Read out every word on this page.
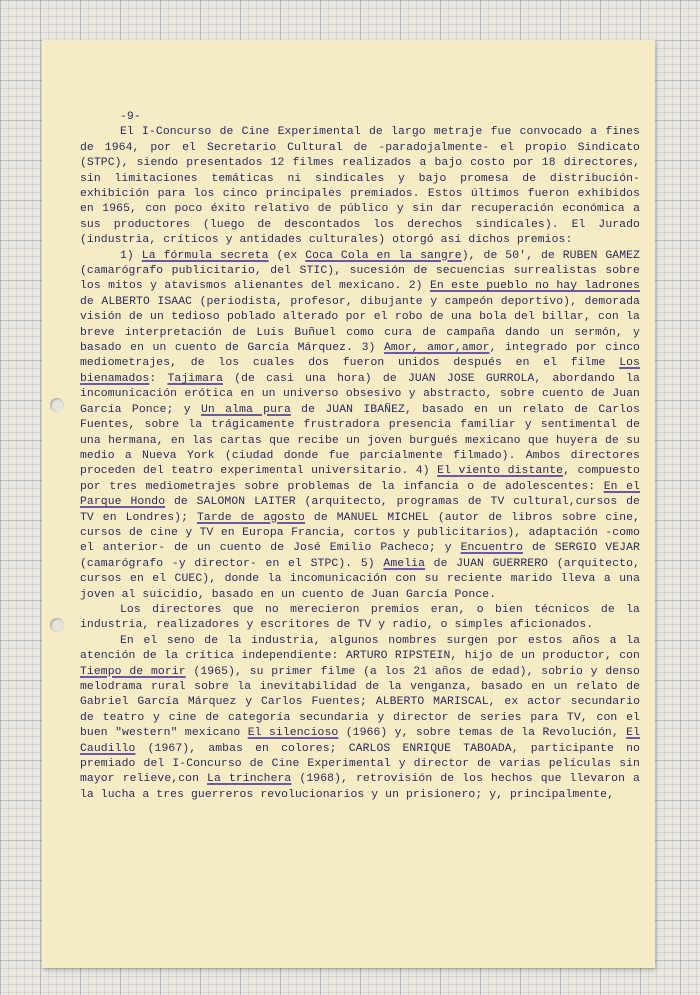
-9-

El I-Concurso de Cine Experimental de largo metraje fue convocado a fines de 1964, por el Secretario Cultural de -paradojalmente- el propio Sindicato (STPC), siendo presentados 12 filmes realizados a bajo costo por 18 directores, sin limitaciones temáticas ni sindicales y bajo promesa de distribución-exhibición para los cinco principales premiados. Estos últimos fueron exhibidos en 1965, con poco éxito relativo de público y sin dar recuperación económica a sus productores (luego de descontados los derechos sindicales). El Jurado (industria, críticos y antidades culturales) otorgó así dichos premios:

1) La fórmula secreta (ex Coca Cola en la sangre), de 50', de RUBEN GAMEZ (camarógrafo publicitario, del STIC), sucesión de secuencias surrealistas sobre los mitos y atavismos alienantes del mexicano. 2) En este pueblo no hay ladrones de ALBERTO ISAAC (periodista, profesor, dibujante y campeón deportivo), demorada visión de un tedioso poblado alterado por el robo de una bola del billar, con la breve interpretación de Luis Buñuel como cura de campaña dando un sermón, y basado en un cuento de García Márquez. 3) Amor, amor,amor, integrado por cinco mediometrajes, de los cuales dos fueron unidos después en el filme Los bienamados: Tajimara (de casi una hora) de JUAN JOSE GURROLA, abordando la incomunicación erótica en un universo obsesivo y abstracto, sobre cuento de Juan García Ponce; y Un alma pura de JUAN IBAÑEZ, basado en un relato de Carlos Fuentes, sobre la trágicamente frustradora presencia familiar y sentimental de una hermana, en las cartas que recibe un joven burgués mexicano que huyera de su medio a Nueva York (ciudad donde fue parcialmente filmado). Ambos directores proceden del teatro experimental universitario. 4) El viento distante, compuesto por tres mediometrajes sobre problemas de la infancia o de adolescentes: En el Parque Hondo de SALOMON LAITER (arquitecto, programas de TV cultural,cursos de TV en Londres); Tarde de agosto de MANUEL MICHEL (autor de libros sobre cine, cursos de cine y TV en Europa Francia, cortos y publicitarios), adaptación -como el anterior- de un cuento de José Emilio Pacheco; y Encuentro de SERGIO VEJAR (camarógrafo -y director- en el STPC). 5) Amelia de JUAN GUERRERO (arquitecto, cursos en el CUEC), donde la incomunicación con su reciente marido lleva a una joven al suicidio, basado en un cuento de Juan García Ponce.

Los directores que no merecieron premios eran, o bien técnicos de la industria, realizadores y escritores de TV y radio, o simples aficionados.

En el seno de la industria, algunos nombres surgen por estos años a la atención de la crítica independiente: ARTURO RIPSTEIN, hijo de un productor, con Tiempo de morir (1965), su primer filme (a los 21 años de edad), sobrio y denso melodrama rural sobre la inevitabilidad de la venganza, basado en un relato de Gabriel García Márquez y Carlos Fuentes; ALBERTO MARISCAL, ex actor secundario de teatro y cine de categoría secundaria y director de series para TV, con el buen "western" mexicano El silencioso (1966) y, sobre temas de la Revolución, El Caudillo (1967), ambas en colores; CARLOS ENRIQUE TABOADA, participante no premiado del I-Concurso de Cine Experimental y director de varias películas sin mayor relieve,con La trinchera (1968), retrovisión de los hechos que llevaron a la lucha a tres guerreros revolucionarios y un prisionero; y, principalmente,
